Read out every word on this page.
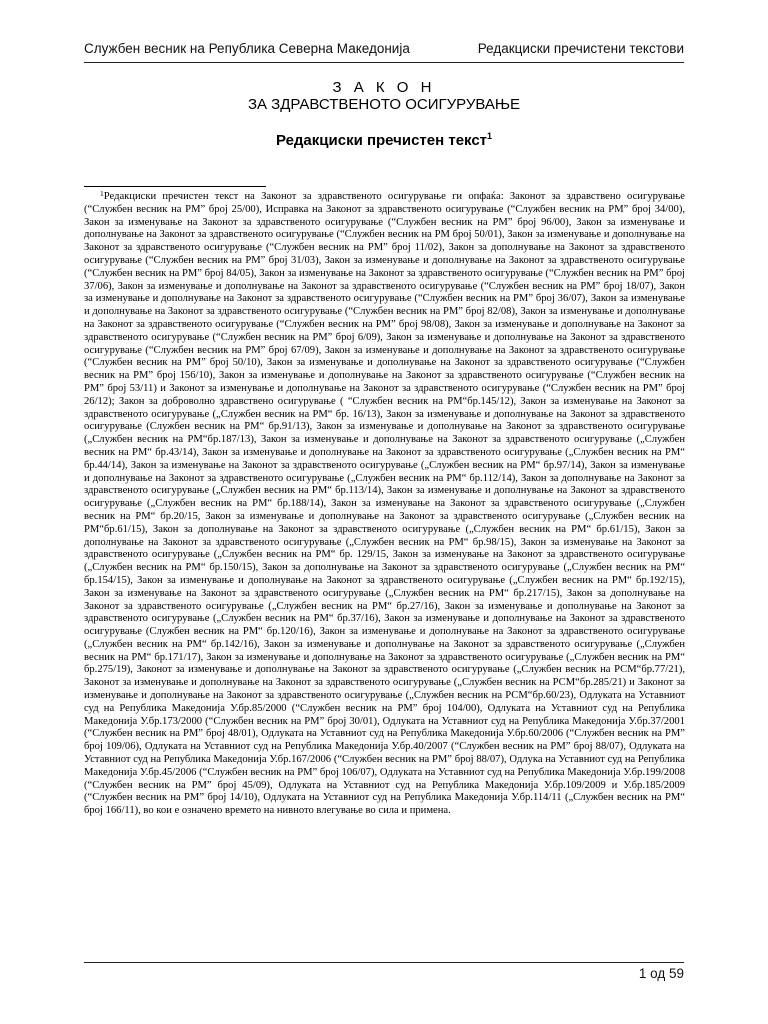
Службен весник на Република Северна Македонија	Редакциски пречистени текстови
З А К О Н
ЗА ЗДРАВСТВЕНОТО ОСИГУРУВАЊЕ
Редакциски пречистен текст$^1$
$^1$Редакциски пречистен текст на Законот за здравственото осигурување ги опфаќа: Законот за здравствено осигурување (“Службен весник на РМ” број 25/00), Исправка на Законот за здравственото осигурување (“Службен весник на РМ” број 34/00), Закон за изменување на Законот за здравственото осигурување (“Службен весник на РМ” број 96/00), Закон за изменување и дополнување на Законот за здравственото осигурување (“Службен весник на РМ број 50/01), Закон за изменување и дополнување на Законот за здравственото осигурување (“Службен весник на РМ” број 11/02), Закон за дополнување на Законот за здравственото осигурување (“Службен весник на РМ” број 31/03), Закон за изменување и дополнување на Законот за здравственото осигурување (“Службен весник на РМ” број 84/05), Закон за изменување на Законот за здравственото осигурување (“Службен весник на РМ” број 37/06), Закон за изменување и дополнување на Законот за здравственото осигурување (“Службен весник на РМ” број 18/07), Закон за изменување и дополнување на Законот за здравственото осигурување (“Службен весник на РМ” број 36/07), Закон за изменување и дополнување на Законот за здравственото осигурување (“Службен весник на РМ” број 82/08), Закон за изменување и дополнување на Законот за здравственото осигурување (“Службен весник на РМ” број 98/08), Закон за изменување и дополнување на Законот за здравственото осигурување (“Службен весник на РМ” број 6/09), Закон за изменување и дополнување на Законот за здравственото осигурување (“Службен весник на РМ” број 67/09), Закон за изменување и дополнување на Законот за здравственото осигурување (“Службен весник на РМ” број 50/10), Закон за изменување и дополнување на Законот за здравственото осигурување (“Службен весник на РМ” број 156/10), Закон за изменување и дополнување на Законот за здравственото осигурување (“Службен весник на РМ” број 53/11) и Законот за изменување и дополнување на Законот за здравственото осигурување (“Службен весник на РМ” број 26/12); Закон за доброволно здравствено осигурување ( “Службен весник на РМ“бр.145/12), Закон за изменување на Законот за здравственото осигурување („Службен весник на РМ“ бр. 16/13), Закон за изменување и дополнување на Законот за здравственото осигурување (Службен весник на РМ“ бр.91/13), Закон за изменување и дополнување на Законот за здравственото осигурување („Службен весник на РМ“бр.187/13), Закон за изменување и дополнување на Законот за здравственото осигурување („Службен весник на РМ“ бр.43/14), Закон за изменување и дополнување на Законот за здравственото осигурување („Службен весник на РМ“ бр.44/14), Закон за изменување на Законот за здравственото осигурување („Службен весник на РМ“ бр.97/14), Закон за изменување и дополнување на Законот за здравственото осигурување („Службен весник на РМ“ бр.112/14), Закон за дополнување на Законот за здравственото осигурување („Службен весник на РМ“ бр.113/14), Закон за изменување и дополнување на Законот за здравственото осигурување („Службен весник на РМ“ бр.188/14), Закон за изменување на Законот за здравственото осигурување („Службен весник на РМ“ бр.20/15, Закон за изменување и дополнување на Законот за здравственото осигурување („Службен весник на РМ“бр.61/15), Закон за дополнување на Законот за здравственото осигурување („Службен весник на РМ“ бр.61/15), Закон за дополнување на Законот за здравственото осигурување („Службен весник на РМ“ бр.98/15), Закон за изменување на Законот за здравственото осигурување („Службен весник на РМ“ бр. 129/15, Закон за изменување на Законот за здравственото осигурување („Службен весник на РМ“ бр.150/15), Закон за дополнување на Законот за здравственото осигурување („Службен весник на РМ“ бр.154/15), Закон за изменување и дополнување на Законот за здравственото осигурување („Службен весник на РМ“ бр.192/15), Закон за изменување на Законот за здравственото осигурување („Службен весник на РМ“ бр.217/15), Закон за дополнување на Законот за здравственото осигурување („Службен весник на РМ“ бр.27/16), Закон за изменување и дополнување на Законот за здравственото осигурување („Службен весник на РМ“ бр.37/16), Закон за изменување и дополнување на Законот за здравственото осигурување (Службен весник на РМ“ бр.120/16), Закон за изменување и дополнување на Законот за здравственото осигурување („Службен весник на РМ“ бр.142/16), Закон за изменување и дополнување на Законот за здравственото осигурување („Службен весник на РМ“ бр.171/17), Закон за изменување и дополнување на Законот за здравственото осигурување („Службен весник на РМ“ бр.275/19), Законот за изменување и дополнување на Законот за здравственото осигурување („Службен весник на РСМ“бр.77/21), Законот за изменување и дополнување на Законот за здравственото осигурување („Службен весник на РСМ“бр.285/21) и Законот за изменување и дополнување на Законот за здравственото осигурување („Службен весник на РСМ“бр.60/23), Одлуката на Уставниот суд на Република Македонија У.бр.85/2000 (“Службен весник на РМ” број 104/00), Одлуката на Уставниот суд на Република Македонија У.бр.173/2000 (“Службен весник на РМ” број 30/01), Одлуката на Уставниот суд на Република Македонија У.бр.37/2001 (“Службен весник на РМ” број 48/01), Одлуката на Уставниот суд на Република Македонија У.бр.60/2006 (“Службен весник на РМ” број 109/06), Одлуката на Уставниот суд на Република Македонија У.бр.40/2007 (“Службен весник на РМ” број 88/07), Одлуката на Уставниот суд на Република Македонија У.бр.167/2006 (“Службен весник на РМ” број 88/07), Одлука на Уставниот суд на Република Македонија У.бр.45/2006 (“Службен весник на РМ” број 106/07), Одлуката на Уставниот суд на Република Македонија У.бр.199/2008 (“Службен весник на РМ” број 45/09), Одлуката на Уставниот суд на Република Македонија У.бр.109/2009 и У.бр.185/2009 (“Службен весник на РМ” број 14/10), Одлуката на Уставниот суд на Република Македонија У.бр.114/11 („Службен весник на РМ“ број 166/11), во кои е означено времето на нивното влегување во сила и примена.
1 од 59
